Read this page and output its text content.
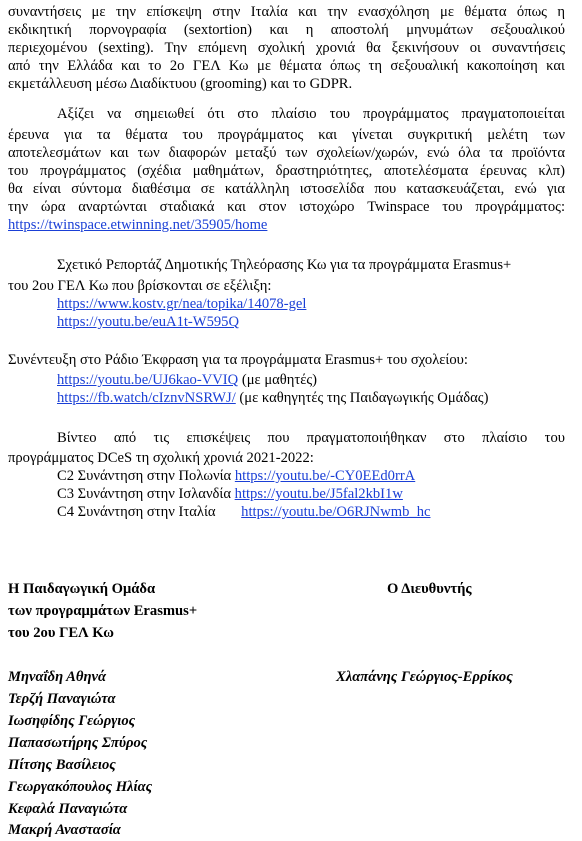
συναντήσεις με την επίσκεψη στην Ιταλία και την ενασχόληση με θέματα όπως η
εκδικητική πορνογραφία (sextortion) και η αποστολή μηνυμάτων σεξουαλικού
περιεχομένου (sexting). Την επόμενη σχολική χρονιά θα ξεκινήσουν οι συναντήσεις
από την Ελλάδα και το 2ο ΓΕΛ Κω με θέματα όπως τη σεξουαλική κακοποίηση και
εκμετάλλευση μέσω Διαδίκτυου (grooming) και το GDPR.
Αξίζει να σημειωθεί ότι στο πλαίσιο του προγράμματος πραγματοποιείται
έρευνα για τα θέματα του προγράμματος και γίνεται συγκριτική μελέτη των
αποτελεσμάτων και των διαφορών μεταξύ των σχολείων/χωρών, ενώ όλα τα προϊόντα
του προγράμματος (σχέδια μαθημάτων, δραστηριότητες, αποτελέσματα έρευνας κλπ)
θα είναι σύντομα διαθέσιμα σε κατάλληλη ιστοσελίδα που κατασκευάζεται, ενώ για
την ώρα αναρτώνται σταδιακά και στον ιστοχώρο Twinspace του προγράμματος:
https://twinspace.etwinning.net/35905/home
Σχετικό Ρεπορτάζ Δημοτικής Τηλεόρασης Κω για τα προγράμματα Erasmus+
του 2ου ΓΕΛ Κω που βρίσκονται σε εξέλιξη:
https://www.kostv.gr/nea/topika/14078-gel
https://youtu.be/euA1t-W595Q
Συνέντευξη στο Ράδιο Έκφραση για τα προγράμματα Erasmus+ του σχολείου:
https://youtu.be/UJ6kao-VVIQ (με μαθητές)
https://fb.watch/cIznvNSRWJ/ (με καθηγητές της Παιδαγωγικής Ομάδας)
Βίντεο από τις επισκέψεις που πραγματοποιήθηκαν στο πλαίσιο του
προγράμματος DCeS τη σχολική χρονιά 2021-2022:
C2 Συνάντηση στην Πολωνία https://youtu.be/-CY0EEd0rrA
C3 Συνάντηση στην Ισλανδία https://youtu.be/J5fal2kbI1w
C4 Συνάντηση στην Ιταλία https://youtu.be/O6RJNwmb_hc
Η Παιδαγωγική Ομάδα
των προγραμμάτων Erasmus+
του 2ου ΓΕΛ Κω
Ο Διευθυντής
Χλαπάνης Γεώργιος-Ερρίκος
Μηναΐδη Αθηνά
Τερζή Παναγιώτα
Ιωσηφίδης Γεώργιος
Παπασωτήρης Σπύρος
Πίτσης Βασίλειος
Γεωργακόπουλος Ηλίας
Κεφαλά Παναγιώτα
Μακρή Αναστασία
